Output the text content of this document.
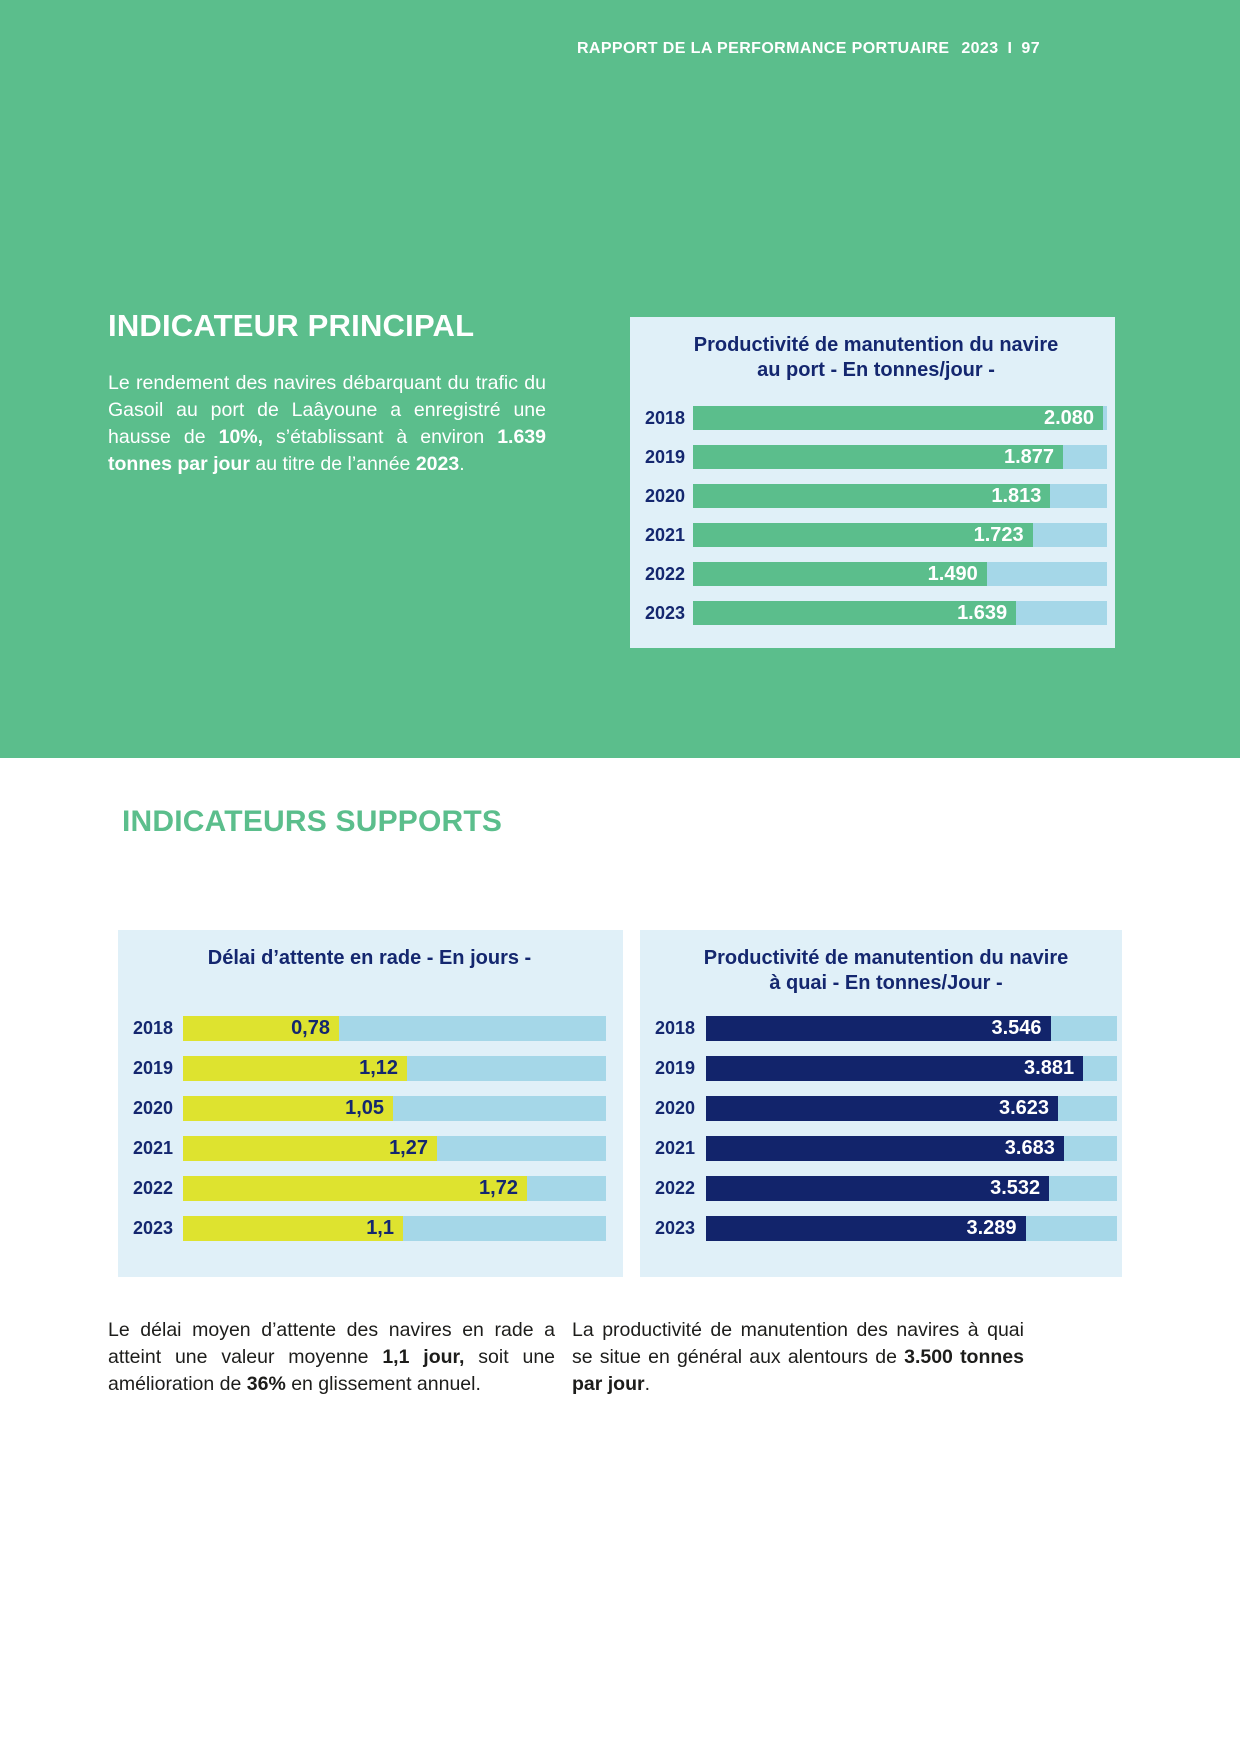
RAPPORT DE LA PERFORMANCE PORTUAIRE 2023 I 97
INDICATEUR PRINCIPAL
Le rendement des navires débarquant du trafic du Gasoil au port de Laâyoune a enregistré une hausse de 10%, s’établissant à environ 1.639 tonnes par jour au titre de l’année 2023.
Productivité de manutention du navire
au port - En tonnes/jour -
2018	2.080
2019	1.877
2020	1.813
2021	1.723
2022	1.490
2023	1.639
INDICATEURS SUPPORTS
Délai d’attente en rade - En jours -
2018	0,78
2019	1,12
2020	1,05
2021	1,27
2022	1,72
2023	1,1
Productivité de manutention du navire
à quai - En tonnes/Jour -
2018	3.546
2019	3.881
2020	3.623
2021	3.683
2022	3.532
2023	3.289
Le délai moyen d’attente des navires en rade a atteint une valeur moyenne 1,1 jour, soit une amélioration de 36% en glissement annuel.
La productivité de manutention des navires à quai se situe en général aux alentours de 3.500 tonnes par jour.
